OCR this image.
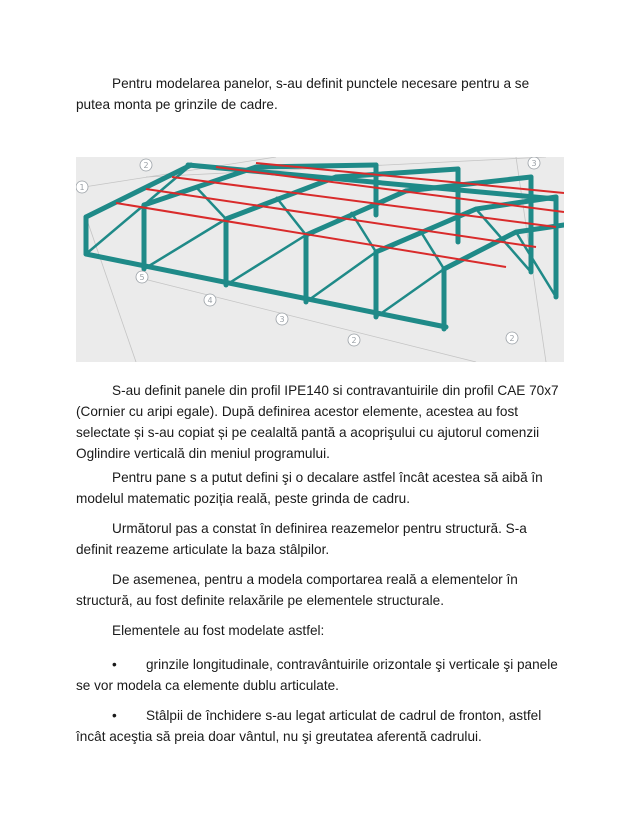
Pentru modelarea panelor, s-au definit punctele necesare pentru a se putea monta pe grinzile de cadre.

1
2	3
5
4
3
2	2

S-au definit panele din profil IPE140 si contravantuirile din profil CAE 70x7 (Cornier cu aripi egale). După definirea acestor elemente, acestea au fost selectate și s-au copiat și pe cealaltă pantă a acoprişului cu ajutorul comenzii Oglindire verticală din meniul programului.

Pentru pane s a putut defini şi o decalare astfel încât acestea să aibă în modelul matematic poziția reală, peste grinda de cadru.

Următorul pas a constat în definirea reazemelor pentru structură. S-a definit reazeme articulate la baza stâlpilor.

De asemenea, pentru a modela comportarea reală a elementelor în structură, au fost definite relaxările pe elementele structurale.

Elementele au fost modelate astfel:

• grinzile longitudinale, contravântuirile orizontale şi verticale şi panele se vor modela ca elemente dublu articulate.

• Stâlpii de închidere s-au legat articulat de cadrul de fronton, astfel încât aceştia să preia doar vântul, nu şi greutatea aferentă cadrului.
